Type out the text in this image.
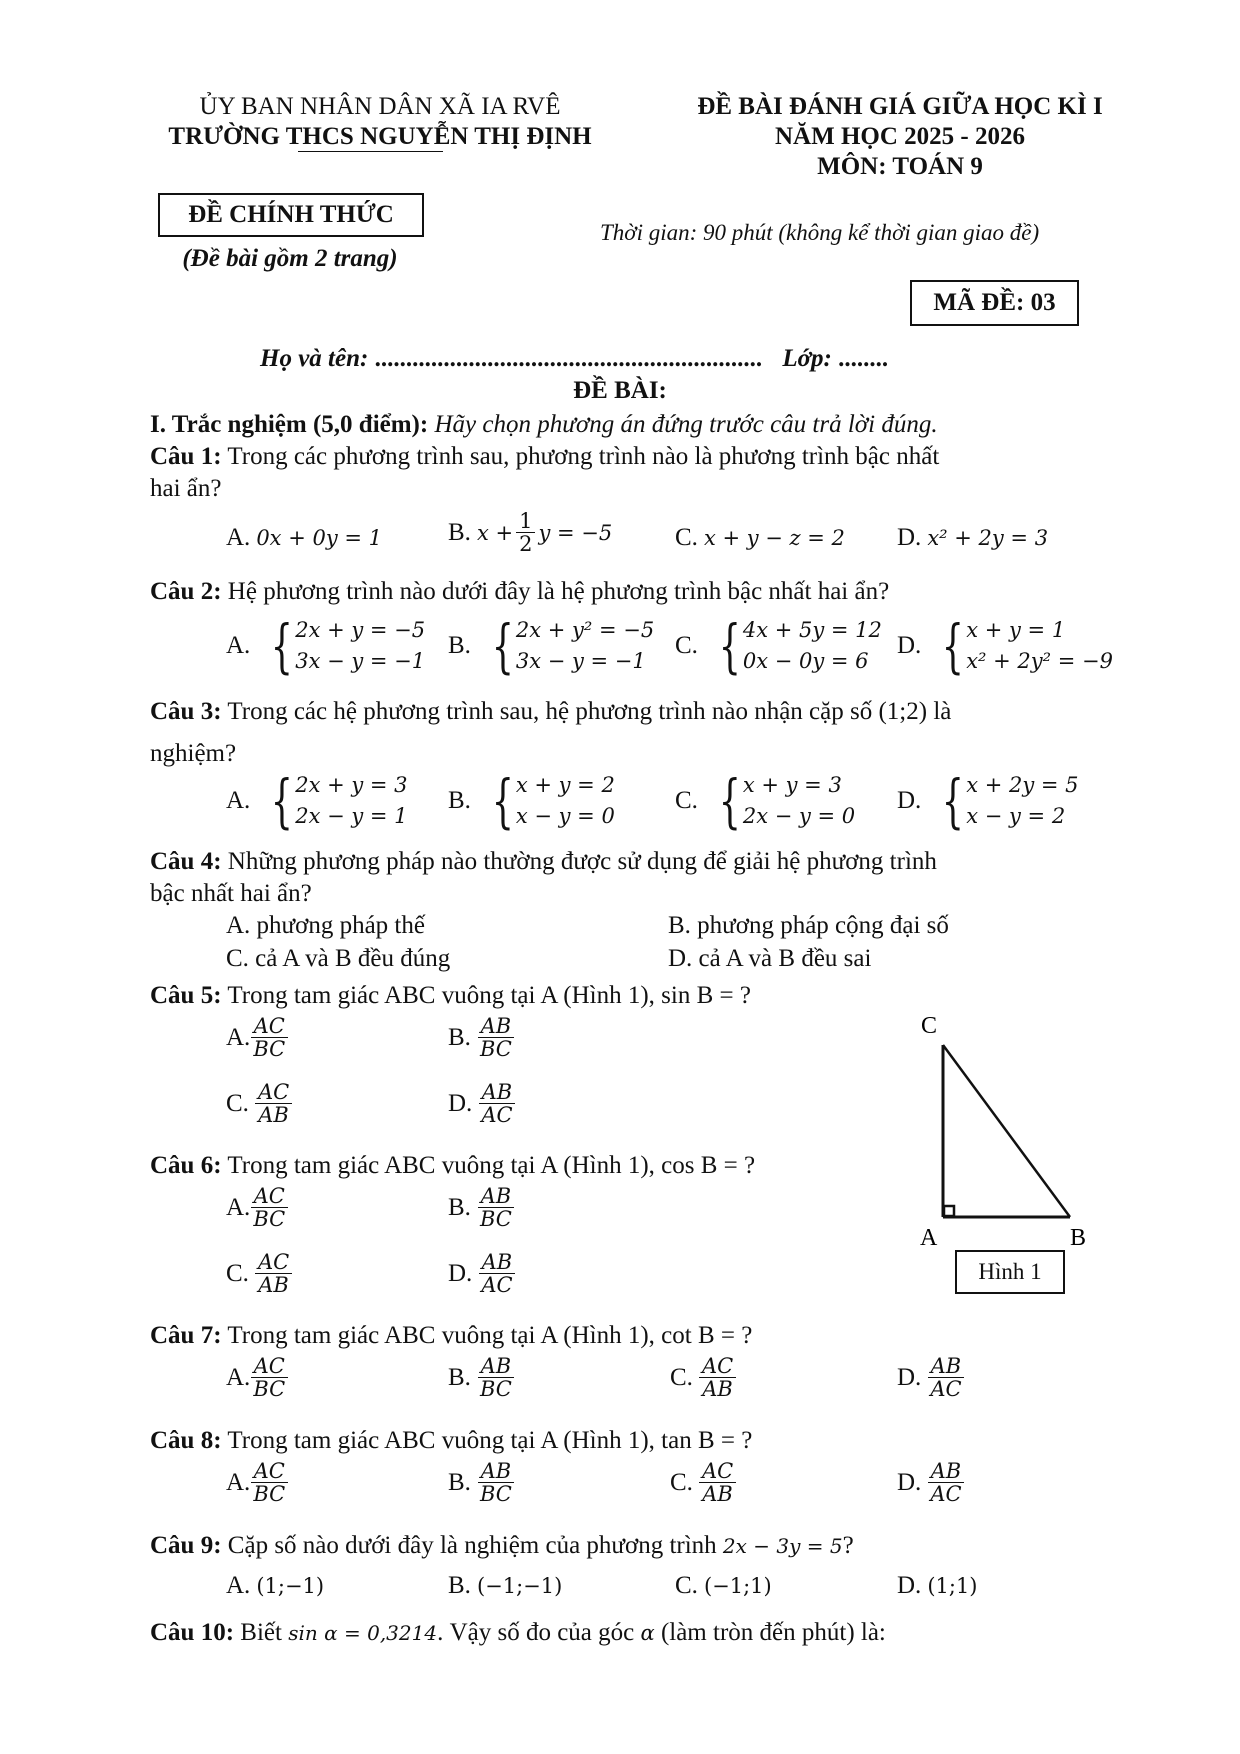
ỦY BAN NHÂN DÂN XÃ IA RVÊ
TRƯỜNG THCS NGUYỄN THỊ ĐỊNH
ĐỀ BÀI ĐÁNH GIÁ GIỮA HỌC KÌ I
NĂM HỌC 2025 - 2026
MÔN: TOÁN 9
ĐỀ CHÍNH THỨC
(Đề bài gồm 2 trang)
Thời gian: 90 phút (không kể thời gian giao đề)
MÃ ĐỀ: 03
Họ và tên: .............................................................. Lớp: ........
ĐỀ BÀI:
I. Trắc nghiệm (5,0 điểm): Hãy chọn phương án đứng trước câu trả lời đúng.
Câu 1: Trong các phương trình sau, phương trình nào là phương trình bậc nhất
hai ẩn?
A. 0x + 0y = 1	B. $x + \frac{1}{2}$ y = −5	C. x + y − z = 2 D. x² + 2y = 3
Câu 2: Hệ phương trình nào dưới đây là hệ phương trình bậc nhất hai ẩn?
A. { 2x + y = −5
3x − y = −1
B. { 2x + y² = −5
3x − y = −1
C. { 4x + 5y = 12
0x − 0y = 6
D. { x + y = 1
x² + 2y² = −9
Câu 3: Trong các hệ phương trình sau, hệ phương trình nào nhận cặp số (1;2) là
nghiệm?
A. { 2x + y = 3
2x − y = 1
B. { x + y = 2
x − y = 0
C. { x + y = 3
2x − y = 0
D. { x + 2y = 5
x − y = 2
Câu 4: Những phương pháp nào thường được sử dụng để giải hệ phương trình
bậc nhất hai ẩn?
A. phương pháp thế	B. phương pháp cộng đại số
C. cả A và B đều đúng	D. cả A và B đều sai
Câu 5: Trong tam giác ABC vuông tại A (Hình 1), sin B = ?
A. $\frac{AC}{BC}$	B. $\frac{AB}{BC}$
C. $\frac{AC}{AB}$	D. $\frac{AB}{AC}$
Câu 6: Trong tam giác ABC vuông tại A (Hình 1), cos B = ?
A. $\frac{AC}{BC}$	B. $\frac{AB}{BC}$
C. $\frac{AC}{AB}$	D. $\frac{AB}{AC}$
C
A	B
Hình 1
Câu 7: Trong tam giác ABC vuông tại A (Hình 1), cot B = ?
A. $\frac{AC}{BC}$	B. $\frac{AB}{BC}$	C. $\frac{AC}{AB}$	D. $\frac{AB}{AC}$
Câu 8: Trong tam giác ABC vuông tại A (Hình 1), tan B = ?
A. $\frac{AC}{BC}$	B. $\frac{AB}{BC}$	C. $\frac{AC}{AB}$	D. $\frac{AB}{AC}$
Câu 9: Cặp số nào dưới đây là nghiệm của phương trình 2x − 3y = 5?
A. (1;−1)	B. (−1;−1)	C. (−1;1)	D. (1;1)
Câu 10: Biết sin α = 0,3214. Vậy số đo của góc α (làm tròn đến phút) là:
